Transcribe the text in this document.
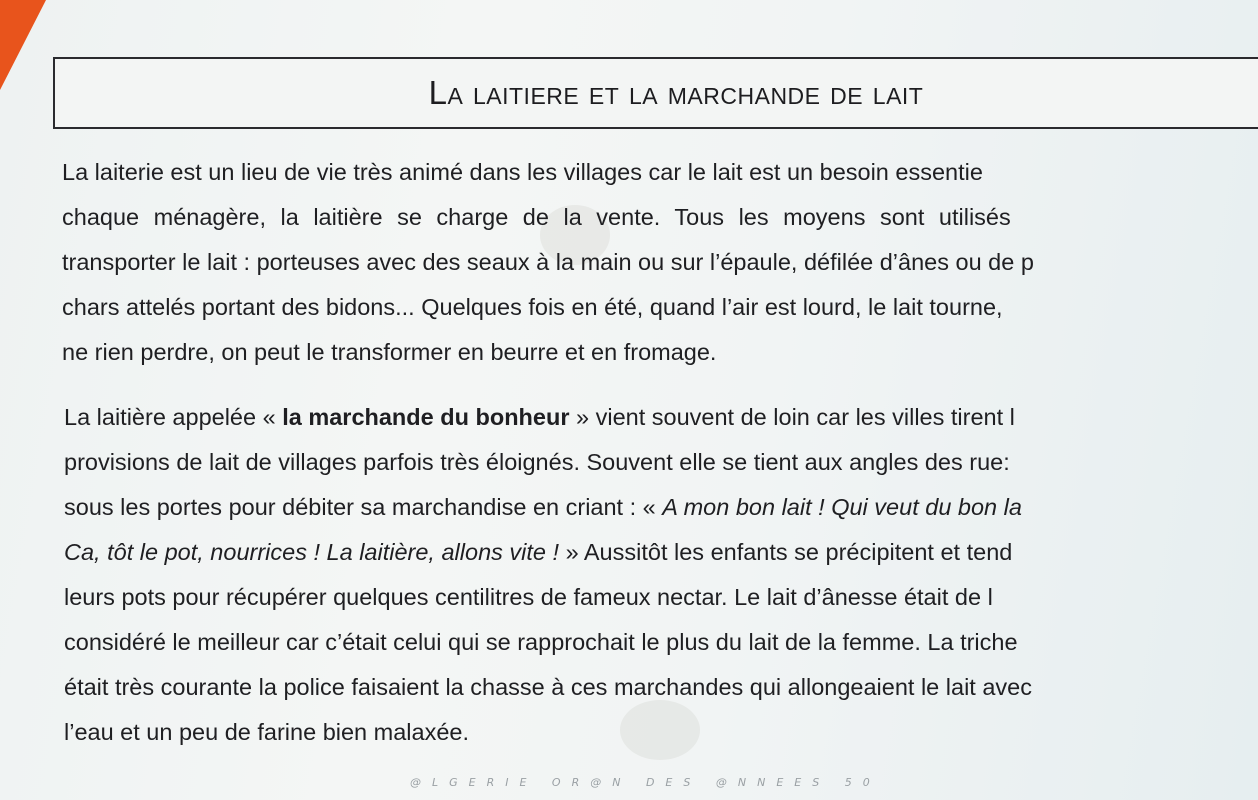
La laitiere et la marchande de lait
La laiterie est un lieu de vie très animé dans les villages car le lait est un besoin essentie
chaque ménagère, la laitière se charge de la vente. Tous les moyens sont utilisés
transporter le lait : porteuses avec des seaux à la main ou sur l’épaule, défilée d’ânes ou de p
chars attelés portant des bidons... Quelques fois en été, quand l’air est lourd, le lait tourne,
ne rien perdre, on peut le transformer en beurre et en fromage.
La laitière appelée « la marchande du bonheur » vient souvent de loin car les villes tirent l
provisions de lait de villages parfois très éloignés. Souvent elle se tient aux angles des rue:
sous les portes pour débiter sa marchandise en criant : « A mon bon lait ! Qui veut du bon la
Ca, tôt le pot, nourrices ! La laitière, allons vite ! » Aussitôt les enfants se précipitent et tend
leurs pots pour récupérer quelques centilitres de fameux nectar. Le lait d’ânesse était de l
considéré le meilleur car c’était celui qui se rapprochait le plus du lait de la femme. La triche
était très courante la police faisaient la chasse à ces marchandes qui allongeaient le lait avec
l’eau et un peu de farine bien malaxée.
@LGERIE OR@N DES @NNEES 50
